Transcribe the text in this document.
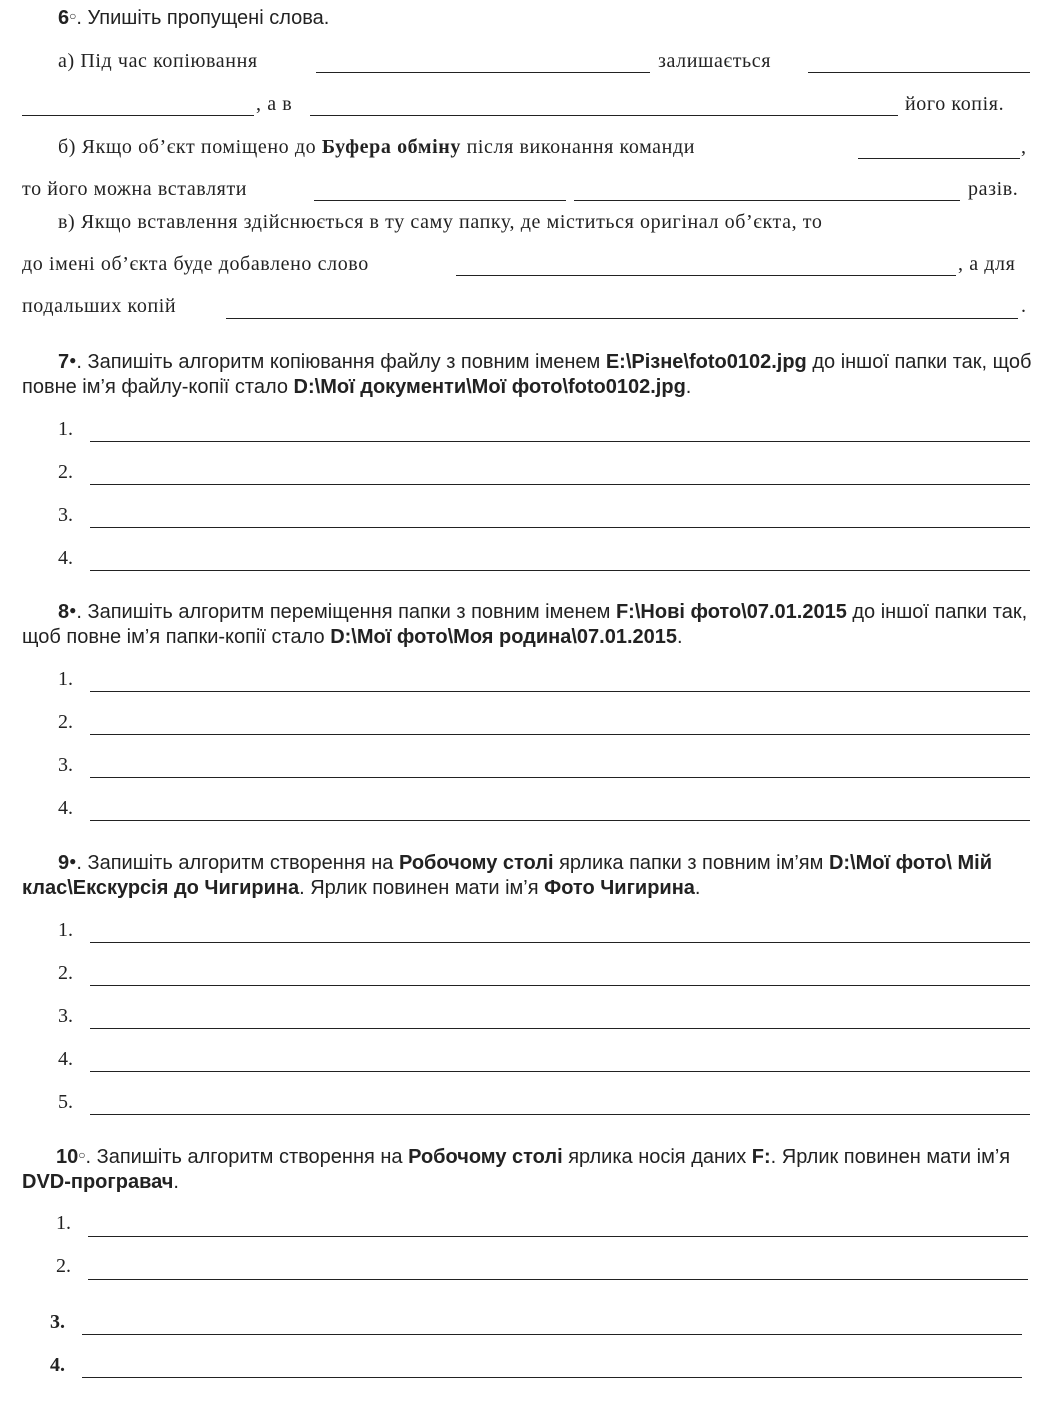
6○. Упишіть пропущені слова.
а) Під час копіювання	залишається
, а в	його копія.
б) Якщо об’єкт поміщено до Буфера обміну після виконання команди	,
то його можна вставляти	разів.
в) Якщо вставлення здійснюється в ту саму папку, де міститься оригінал об’єкта, то
до імені об’єкта буде добавлено слово	, а для
подальших копій	.
7●. Запишіть алгоритм копіювання файлу з повним іменем E:\Різне\foto0102.jpg до іншої папки так, щоб повне ім’я файлу-копії стало D:\Мої документи\Мої фото\foto0102.jpg.
1.
2.
3.
4.
8●. Запишіть алгоритм переміщення папки з повним іменем F:\Нові фото\07.01.2015 до іншої папки так, щоб повне ім’я папки-копії стало D:\Мої фото\Моя родина\07.01.2015.
1.
2.
3.
4.
9●. Запишіть алгоритм створення на Робочому столі ярлика папки з повним ім’ям D:\Мої фото\ Мій клас\Екскурсія до Чигирина. Ярлик повинен мати ім’я Фото Чигирина.
1.
2.
3.
4.
5.
10○. Запишіть алгоритм створення на Робочому столі ярлика носія даних F:. Ярлик повинен мати ім’я DVD-програвач.
1.
2.
3.
4.
